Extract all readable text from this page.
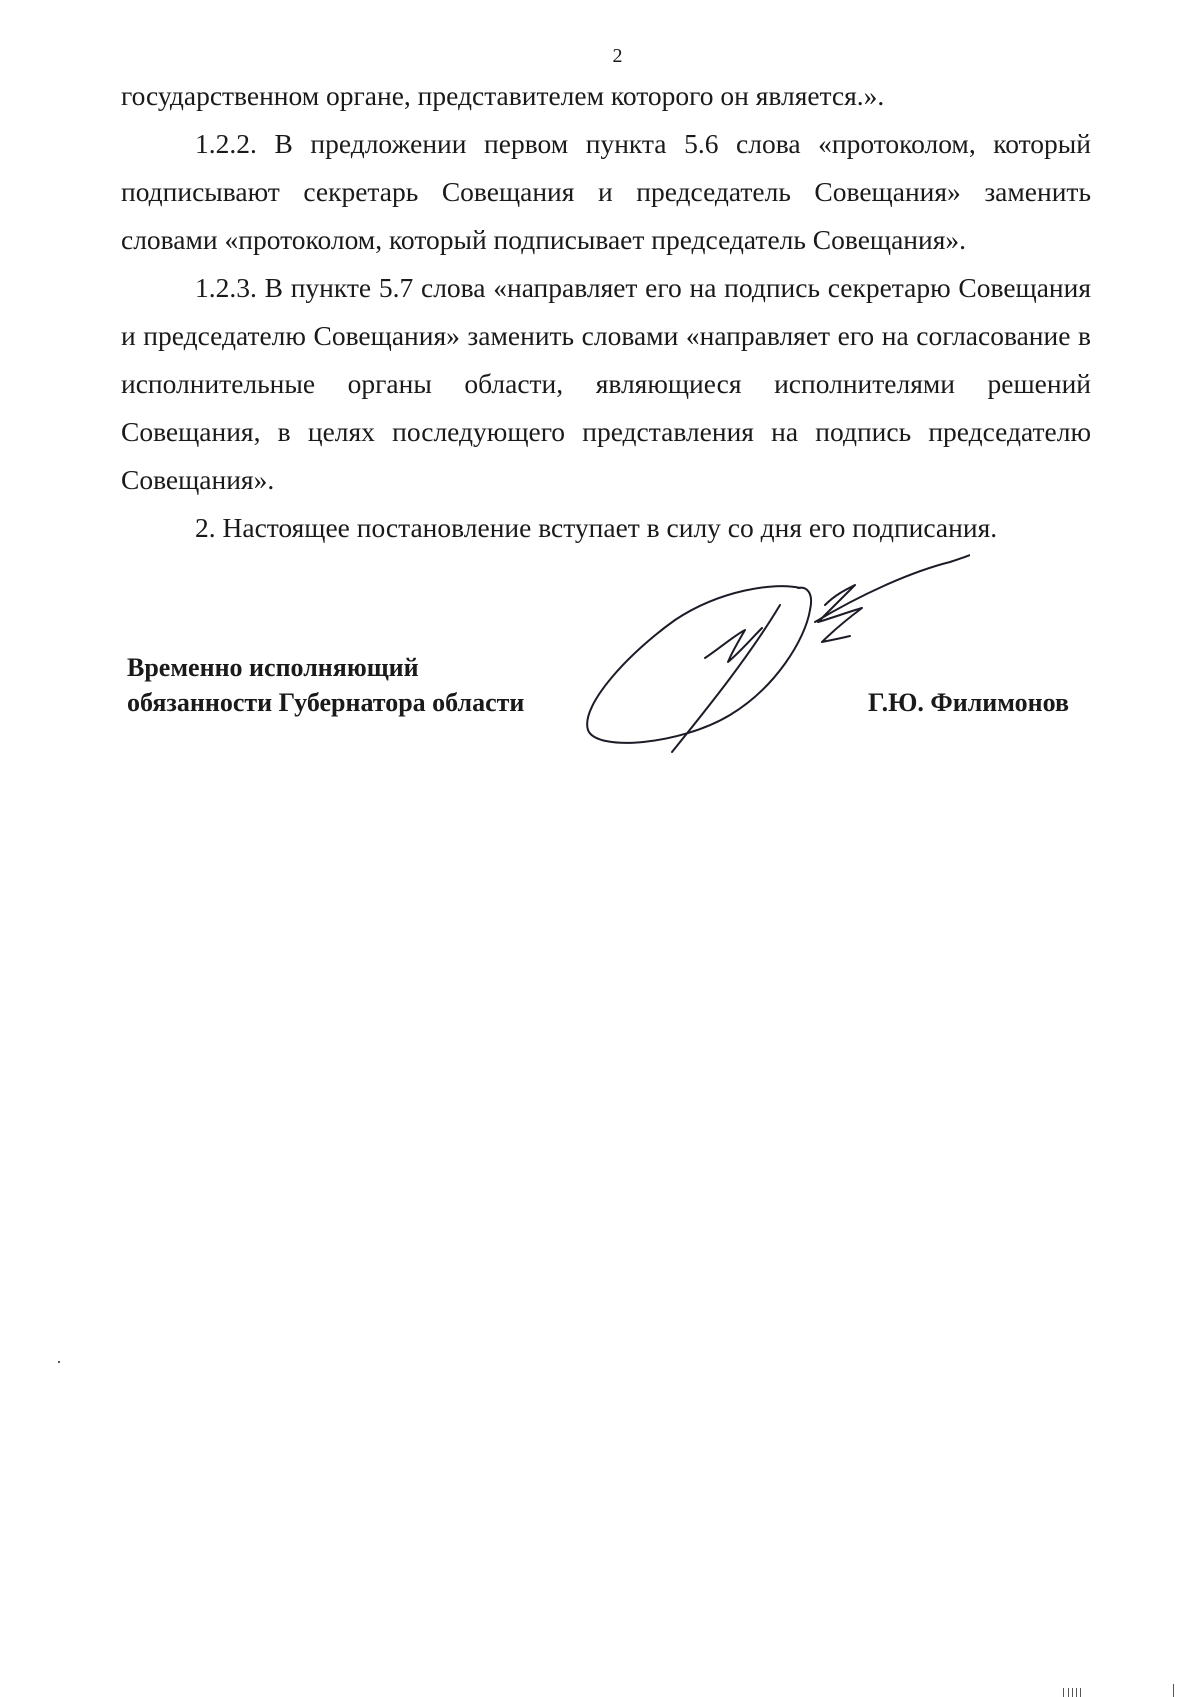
2

государственном органе, представителем которого он является.».

1.2.2. В предложении первом пункта 5.6 слова «протоколом, который подписывают секретарь Совещания и председатель Совещания» заменить словами «протоколом, который подписывает председатель Совещания».

1.2.3. В пункте 5.7 слова «направляет его на подпись секретарю Совещания и председателю Совещания» заменить словами «направляет его на согласование в исполнительные органы области, являющиеся исполнителями решений Совещания, в целях последующего представления на подпись председателю Совещания».

2. Настоящее постановление вступает в силу со дня его подписания.

Временно исполняющий
обязанности Губернатора области	Г.Ю. Филимонов
